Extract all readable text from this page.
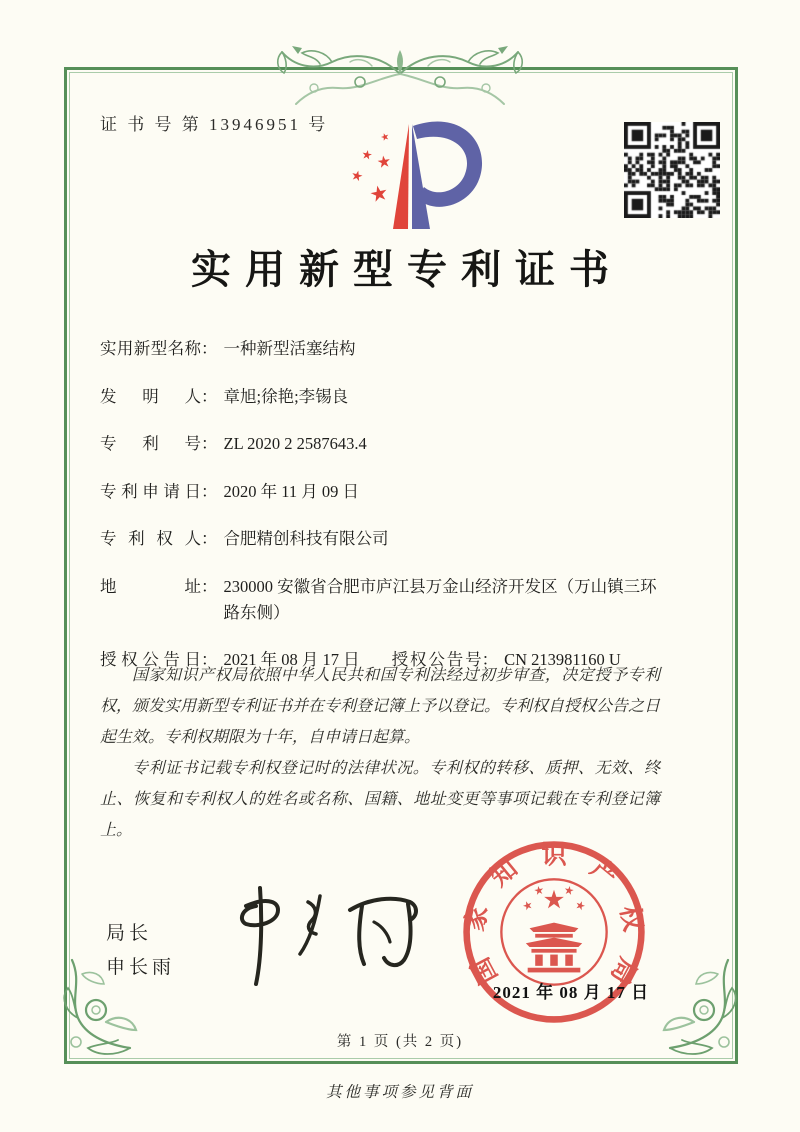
证 书 号 第 13946951 号
实用新型专利证书
实用新型名称 ： 一种新型活塞结构
发明人 ： 章旭;徐艳;李锡良
专利号 ： ZL 2020 2 2587643.4
专利申请日 ： 2020 年 11 月 09 日
专利权人 ： 合肥精创科技有限公司
地址 ： 230000 安徽省合肥市庐江县万金山经济开发区（万山镇三环路东侧）
授权公告日 ： 2021 年 08 月 17 日 授权公告号 ： CN 213981160 U

国家知识产权局依照中华人民共和国专利法经过初步审查，决定授予专利权，颁发实用新型专利证书并在专利登记簿上予以登记。专利权自授权公告之日起生效。专利权期限为十年，自申请日起算。

专利证书记载专利权登记时的法律状况。专利权的转移、质押、无效、终止、恢复和专利权人的姓名或名称、国籍、地址变更等事项记载在专利登记簿上。

局长
申长雨	国
家
知 识 产
权
局
2021 年 08 月 17 日
第 1 页 (共 2 页)
其他事项参见背面
